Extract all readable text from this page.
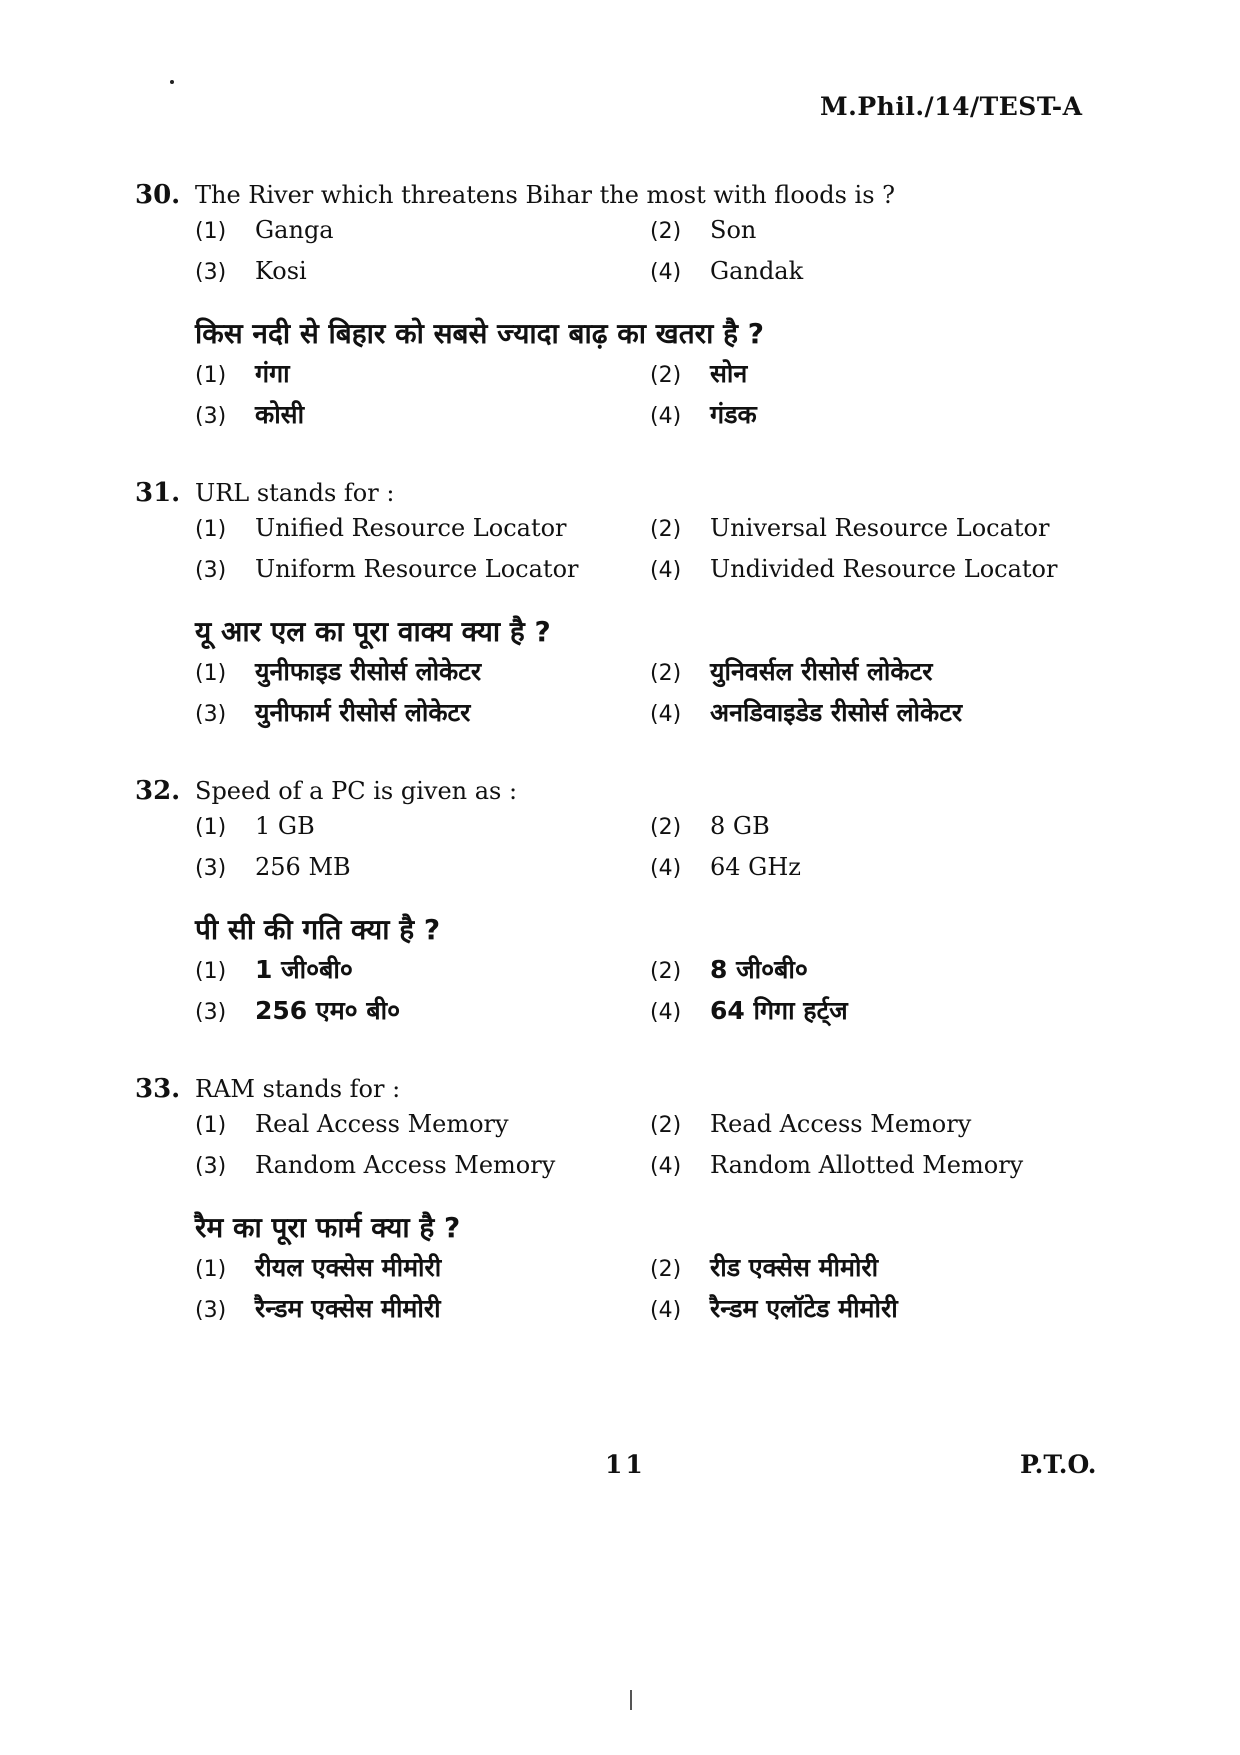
M.Phil./14/TEST-A
30. The River which threatens Bihar the most with floods is ?
(1)	Ganga	(2)	Son
(3)	Kosi	(4)	Gandak
किस नदी से बिहार को सबसे ज्यादा बाढ़ का खतरा है ?
(1)	गंगा	(2)	सोन
(3)	कोसी	(4)	गंडक
31. URL stands for :
(1)	Unified Resource Locator	(2)	Universal Resource Locator
(3)	Uniform Resource Locator	(4)	Undivided Resource Locator
यू आर एल का पूरा वाक्य क्या है ?
(1)	युनीफाइड रीसोर्स लोकेटर	(2)	युनिवर्सल रीसोर्स लोकेटर
(3)	युनीफार्म रीसोर्स लोकेटर	(4)	अनडिवाइडेड रीसोर्स लोकेटर
32. Speed of a PC is given as :
(1)	1 GB	(2)	8 GB
(3)	256 MB	(4)	64 GHz
पी सी की गति क्या है ?
(1)	1 जी०बी०	(2)	8 जी०बी०
(3)	256 एम० बी०	(4)	64 गिगा हर्ट्ज
33. RAM stands for :
(1)	Real Access Memory	(2)	Read Access Memory
(3)	Random Access Memory	(4)	Random Allotted Memory
रैम का पूरा फार्म क्या है ?
(1)	रीयल एक्सेस मीमोरी	(2)	रीड एक्सेस मीमोरी
(3)	रैन्डम एक्सेस मीमोरी	(4)	रैन्डम एलॉटेड मीमोरी
11	P.T.O.
